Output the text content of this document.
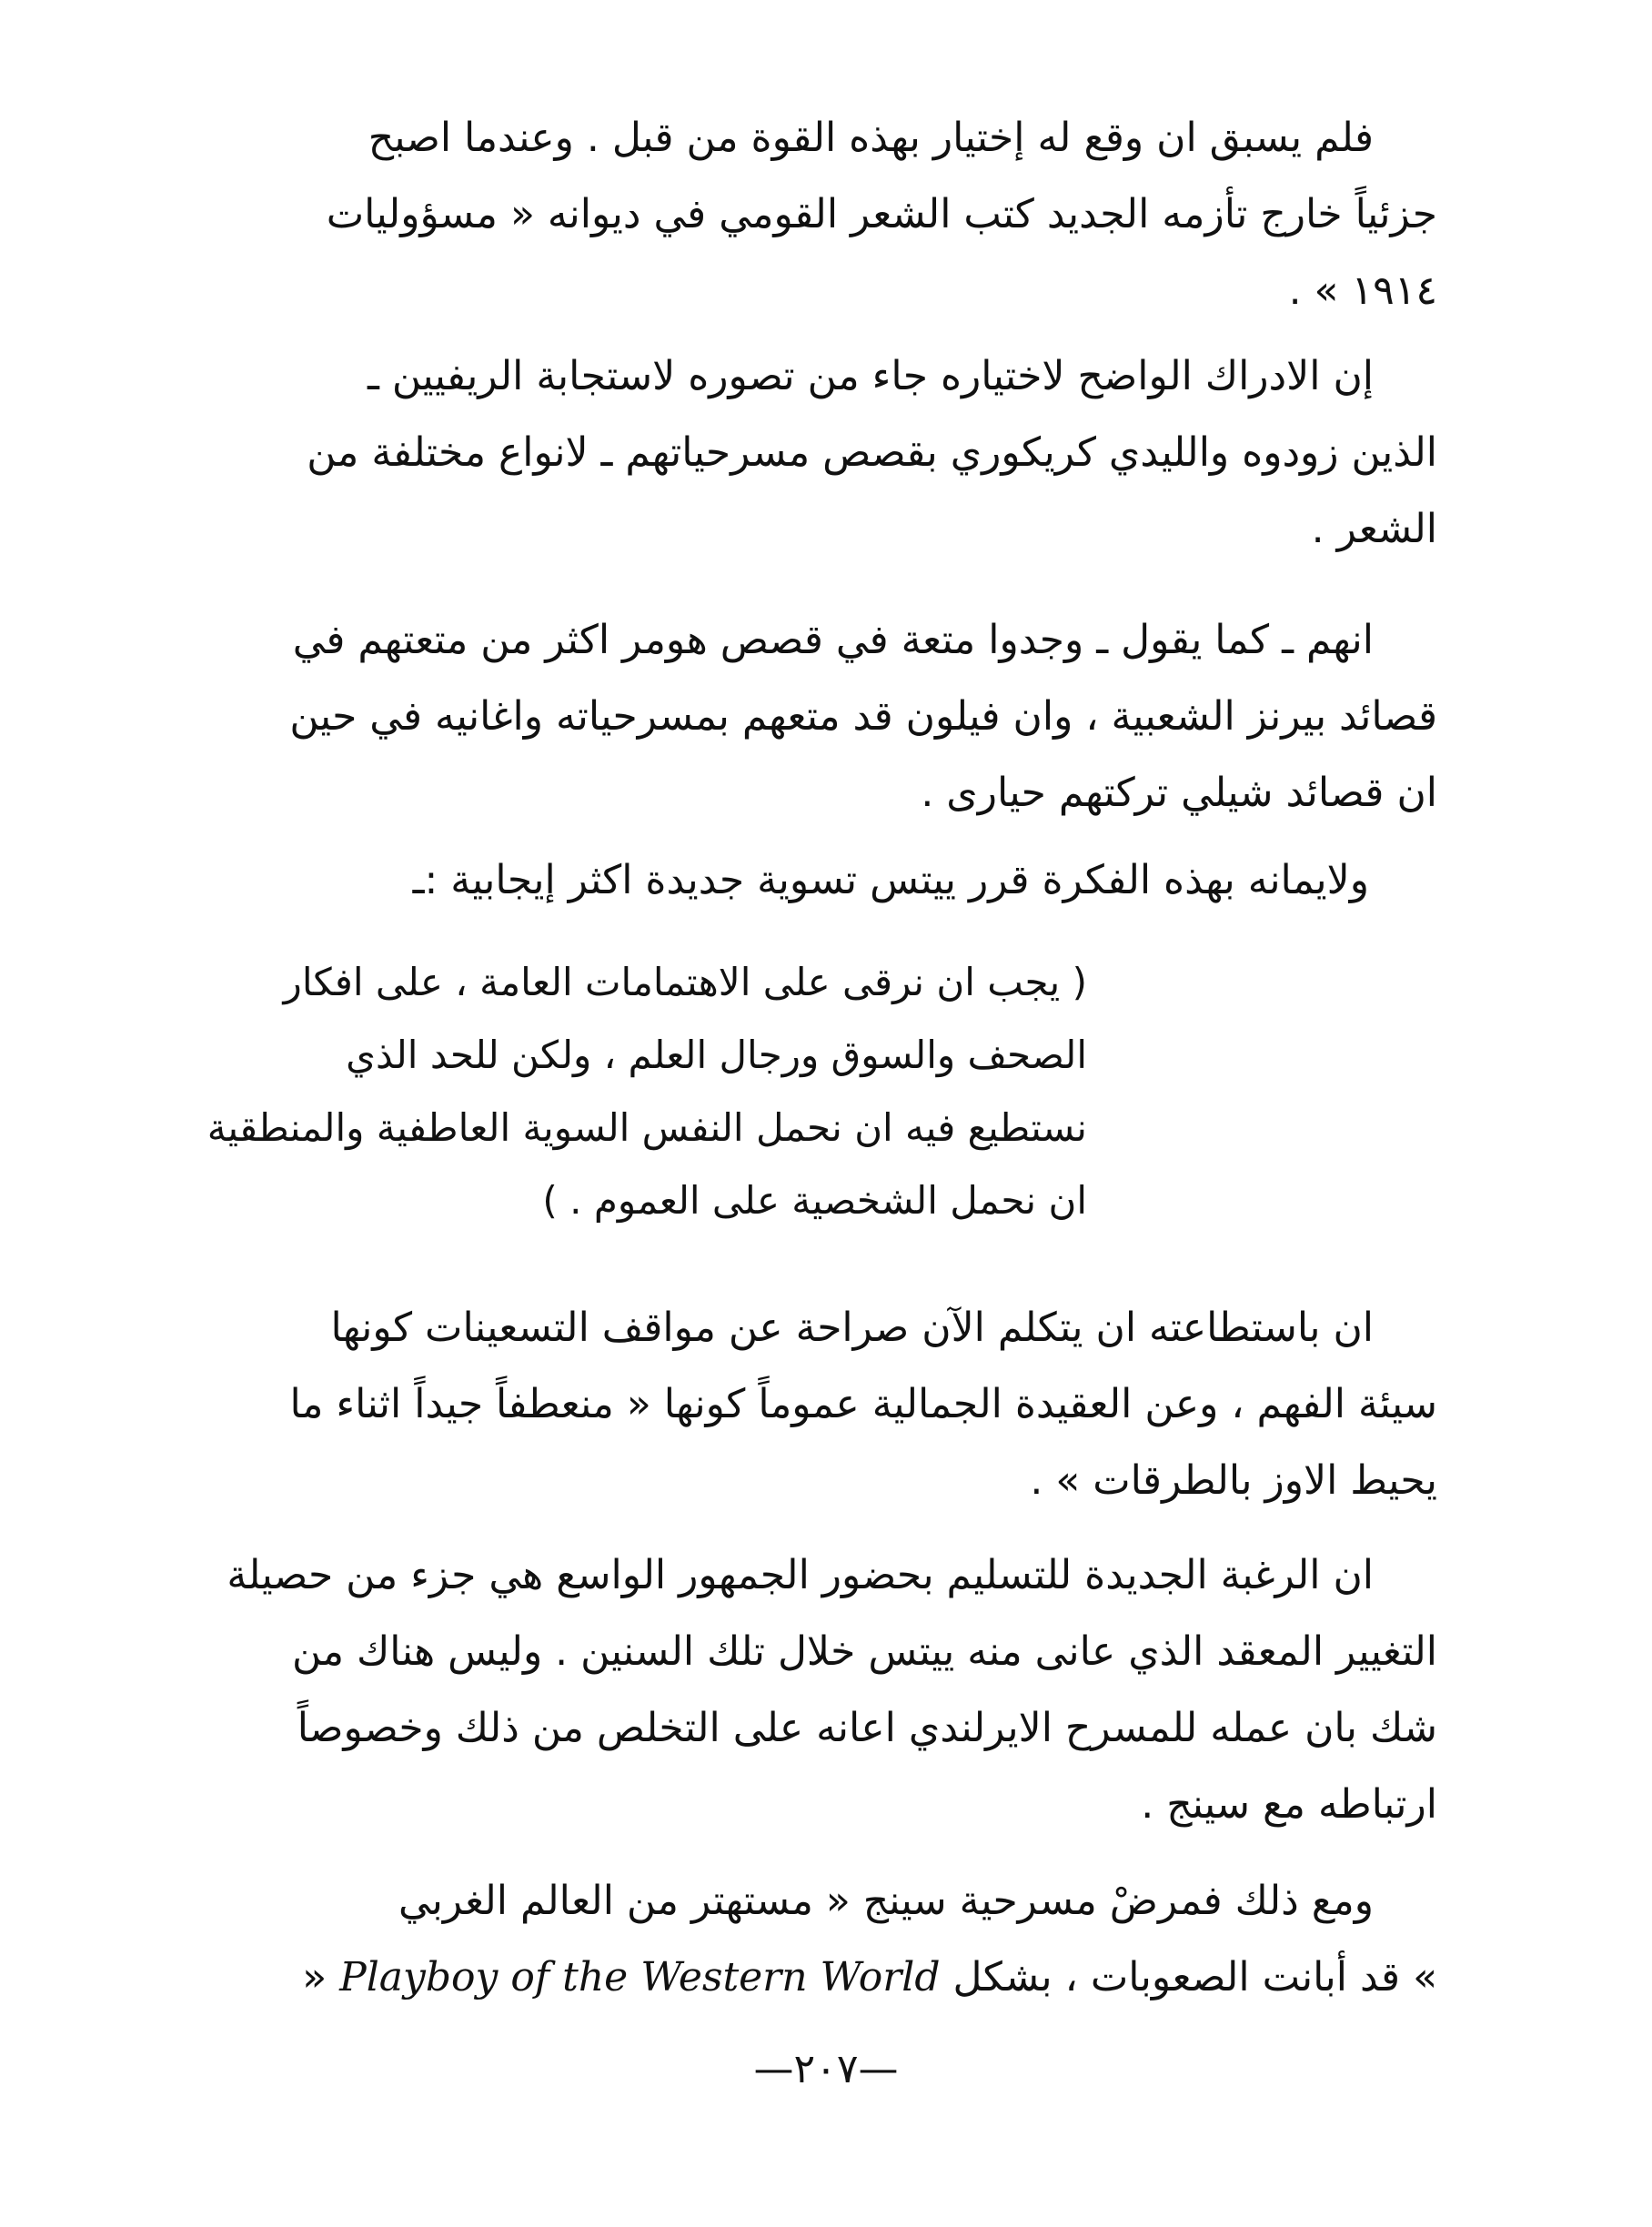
فلم يسبق ان وقع له إختيار بهذه القوة من قبل . وعندما اصبح
جزئياً خارج تأزمه الجديد كتب الشعر القومي في ديوانه « مسؤوليات
١٩١٤ » .
إن الادراك الواضح لاختياره جاء من تصوره لاستجابة الريفيين ـ
الذين زودوه والليدي كريكوري بقصص مسرحياتهم ـ لانواع مختلفة من
الشعر .
انهم ـ كما يقول ـ وجدوا متعة في قصص هومر اكثر من متعتهم في
قصائد بيرنز الشعبية ، وان فيلون قد متعهم بمسرحياته واغانيه في حين
ان قصائد شيلي تركتهم حيارى .
ولايمانه بهذه الفكرة قرر ييتس تسوية جديدة اكثر إيجابية :ـ
( يجب ان نرقى على الاهتمامات العامة ، على افكار
الصحف والسوق ورجال العلم ، ولكن للحد الذي
نستطيع فيه ان نحمل النفس السوية العاطفية والمنطقية
ان نحمل الشخصية على العموم . )
ان باستطاعته ان يتكلم الآن صراحة عن مواقف التسعينات كونها
سيئة الفهم ، وعن العقيدة الجمالية عموماً كونها « منعطفاً جيداً اثناء ما
يحيط الاوز بالطرقات » .
ان الرغبة الجديدة للتسليم بحضور الجمهور الواسع هي جزء من حصيلة
التغيير المعقد الذي عانى منه ييتس خلال تلك السنين . وليس هناك من
شك بان عمله للمسرح الايرلندي اعانه على التخلص من ذلك وخصوصاً
ارتباطه مع سينج .
ومع ذلك فمرضْ مسرحية سينج « مستهتر من العالم الغربي
» قد أبانت الصعوبات ، بشكل Playboy of the Western World «
—٢٠٧—
